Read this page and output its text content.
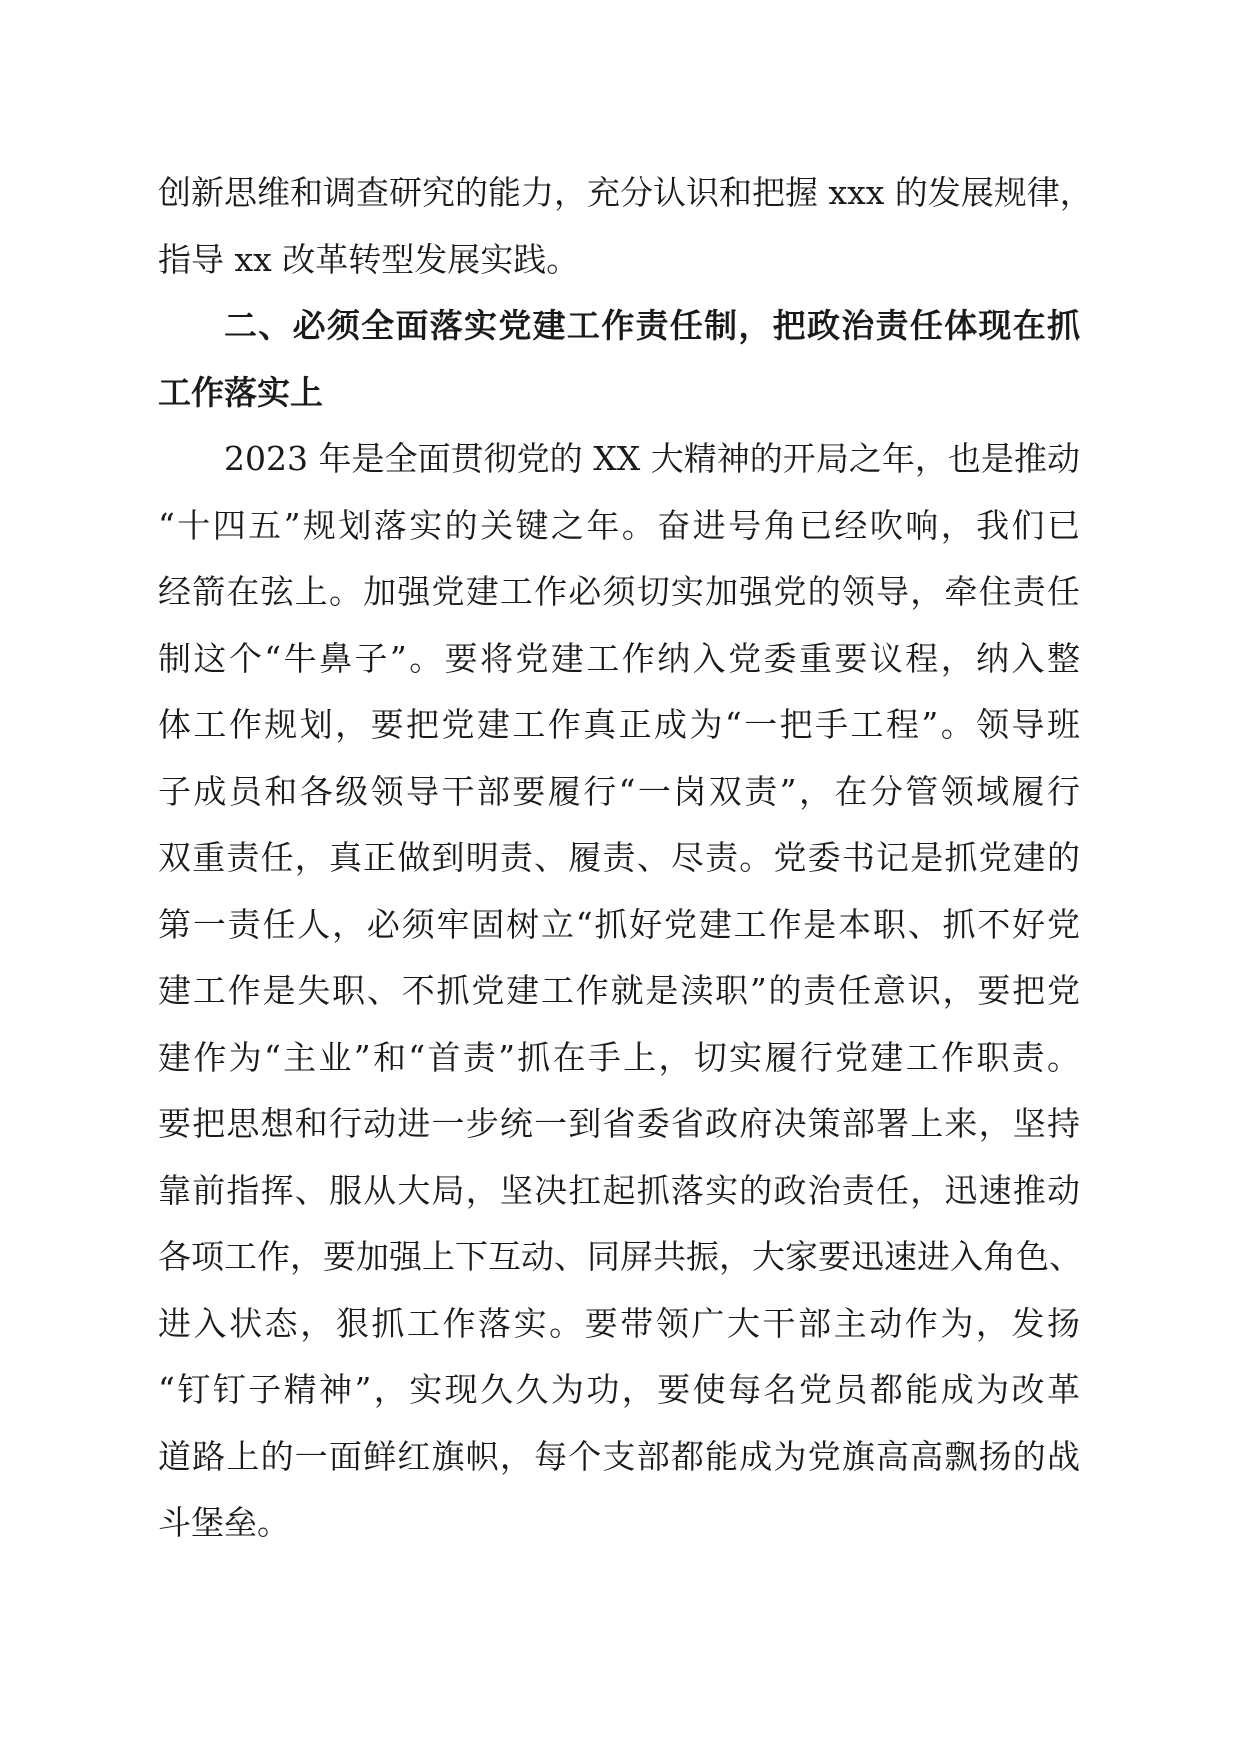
创新思维和调查研究的能力，充分认识和把握 xxx 的发展规律，
指导 xx 改革转型发展实践。
二、必须全面落实党建工作责任制，把政治责任体现在抓
工作落实上
2023 年是全面贯彻党的 XX 大精神的开局之年，也是推动
“十四五”规划落实的关键之年。奋进号角已经吹响，我们已
经箭在弦上。加强党建工作必须切实加强党的领导，牵住责任
制这个“牛鼻子”。要将党建工作纳入党委重要议程，纳入整
体工作规划，要把党建工作真正成为“一把手工程”。领导班
子成员和各级领导干部要履行“一岗双责”，在分管领域履行
双重责任，真正做到明责、履责、尽责。党委书记是抓党建的
第一责任人，必须牢固树立“抓好党建工作是本职、抓不好党
建工作是失职、不抓党建工作就是渎职”的责任意识，要把党
建作为“主业”和“首责”抓在手上，切实履行党建工作职责。
要把思想和行动进一步统一到省委省政府决策部署上来，坚持
靠前指挥、服从大局，坚决扛起抓落实的政治责任，迅速推动
各项工作，要加强上下互动、同屏共振，大家要迅速进入角色、
进入状态，狠抓工作落实。要带领广大干部主动作为，发扬
“钉钉子精神”，实现久久为功，要使每名党员都能成为改革
道路上的一面鲜红旗帜，每个支部都能成为党旗高高飘扬的战
斗堡垒。
